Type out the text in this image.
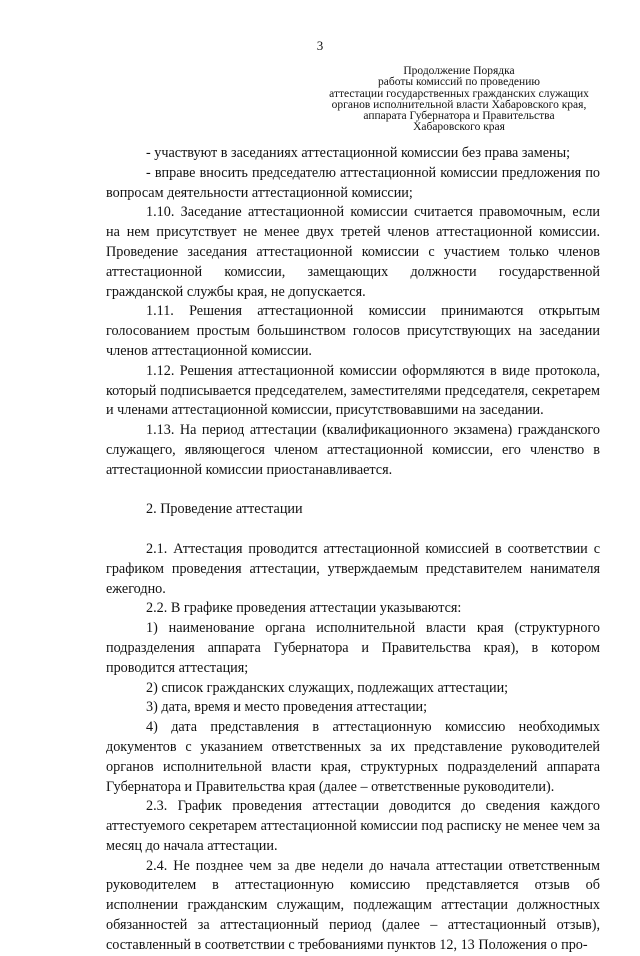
3
Продолжение Порядка
работы комиссий по проведению
аттестации государственных гражданских служащих
органов исполнительной власти Хабаровского края,
аппарата Губернатора и Правительства
Хабаровского края

- участвуют в заседаниях аттестационной комиссии без права замены;

- вправе вносить председателю аттестационной комиссии предложения по вопросам деятельности аттестационной комиссии;

1.10. Заседание аттестационной комиссии считается правомочным, если на нем присутствует не менее двух третей членов аттестационной комиссии. Проведение заседания аттестационной комиссии с участием только членов аттестационной комиссии, замещающих должности государственной гражданской службы края, не допускается.

1.11. Решения аттестационной комиссии принимаются открытым голосованием простым большинством голосов присутствующих на заседании членов аттестационной комиссии.

1.12. Решения аттестационной комиссии оформляются в виде протокола, который подписывается председателем, заместителями председателя, секретарем и членами аттестационной комиссии, присутствовавшими на заседании.

1.13. На период аттестации (квалификационного экзамена) гражданского служащего, являющегося членом аттестационной комиссии, его членство в аттестационной комиссии приостанавливается.

2. Проведение аттестации

2.1. Аттестация проводится аттестационной комиссией в соответствии с графиком проведения аттестации, утверждаемым представителем нанимателя ежегодно.

2.2. В графике проведения аттестации указываются:

1) наименование органа исполнительной власти края (структурного подразделения аппарата Губернатора и Правительства края), в котором проводится аттестация;

2) список гражданских служащих, подлежащих аттестации;

3) дата, время и место проведения аттестации;

4) дата представления в аттестационную комиссию необходимых документов с указанием ответственных за их представление руководителей органов исполнительной власти края, структурных подразделений аппарата Губернатора и Правительства края (далее – ответственные руководители).

2.3. График проведения аттестации доводится до сведения каждого аттестуемого секретарем аттестационной комиссии под расписку не менее чем за месяц до начала аттестации.

2.4. Не позднее чем за две недели до начала аттестации ответственным руководителем в аттестационную комиссию представляется отзыв об исполнении гражданским служащим, подлежащим аттестации должностных обязанностей за аттестационный период (далее – аттестационный отзыв), составленный в соответствии с требованиями пунктов 12, 13 Положения о про-
